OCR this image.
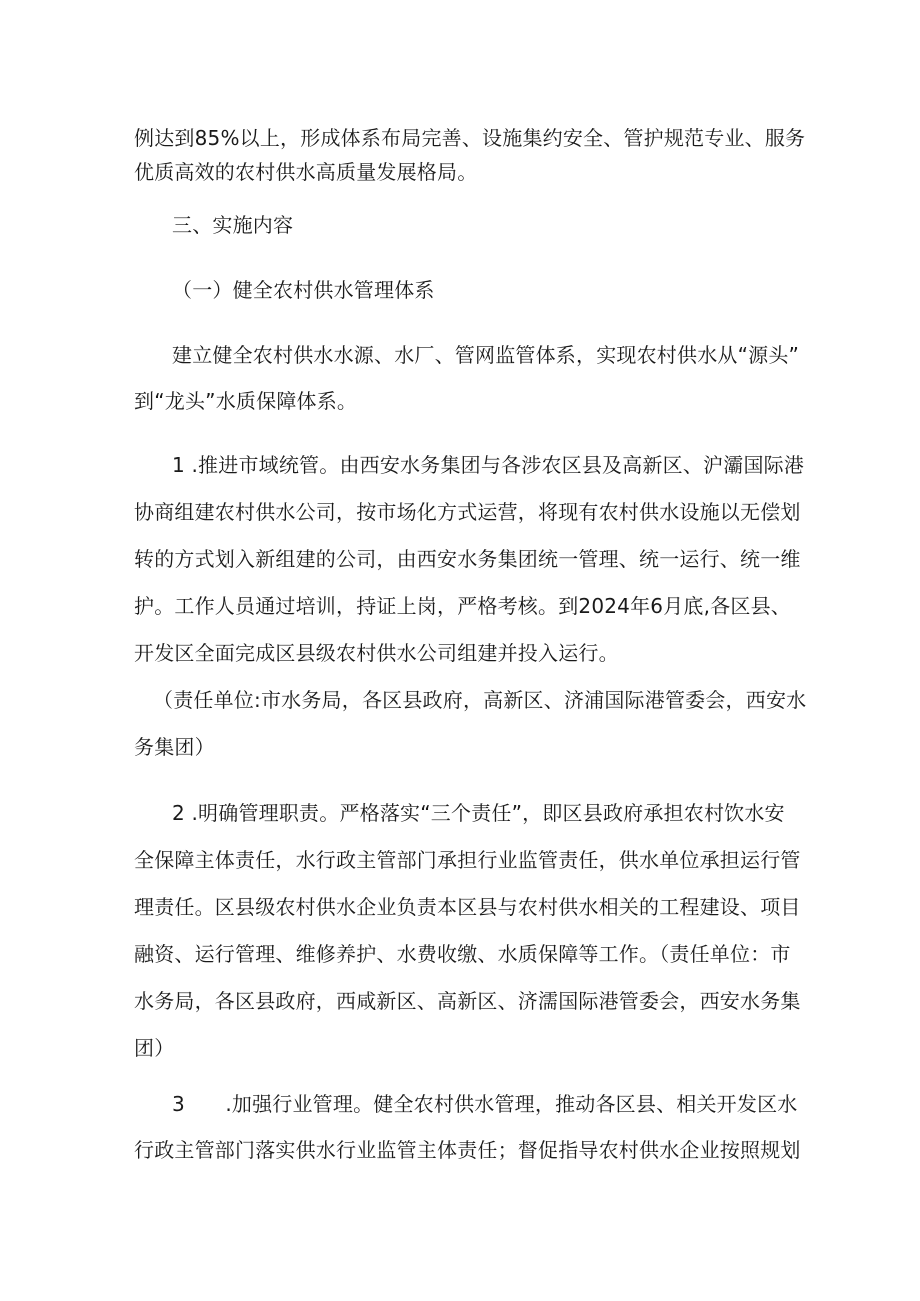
例达到85%以上，形成体系布局完善、设施集约安全、管护规范专业、服务
优质高效的农村供水高质量发展格局。
三、实施内容
（一）健全农村供水管理体系
建立健全农村供水水源、水厂、管网监管体系，实现农村供水从“源头”
到“龙头”水质保障体系。
1 .推进市域统管。由西安水务集团与各涉农区县及高新区、沪灞国际港
协商组建农村供水公司，按市场化方式运营，将现有农村供水设施以无偿划
转的方式划入新组建的公司，由西安水务集团统一管理、统一运行、统一维
护。工作人员通过培训，持证上岗，严格考核。到2024年6月底,各区县、
开发区全面完成区县级农村供水公司组建并投入运行。
（责任单位:市水务局，各区县政府，高新区、济浦国际港管委会，西安水
务集团）
2 .明确管理职责。严格落实“三个责任”，即区县政府承担农村饮水安
全保障主体责任，水行政主管部门承担行业监管责任，供水单位承担运行管
理责任。区县级农村供水企业负责本区县与农村供水相关的工程建设、项目
融资、运行管理、维修养护、水费收缴、水质保障等工作。（责任单位：市
水务局，各区县政府，西咸新区、高新区、济濡国际港管委会，西安水务集
团）
3　　.加强行业管理。健全农村供水管理，推动各区县、相关开发区水
行政主管部门落实供水行业监管主体责任；督促指导农村供水企业按照规划
